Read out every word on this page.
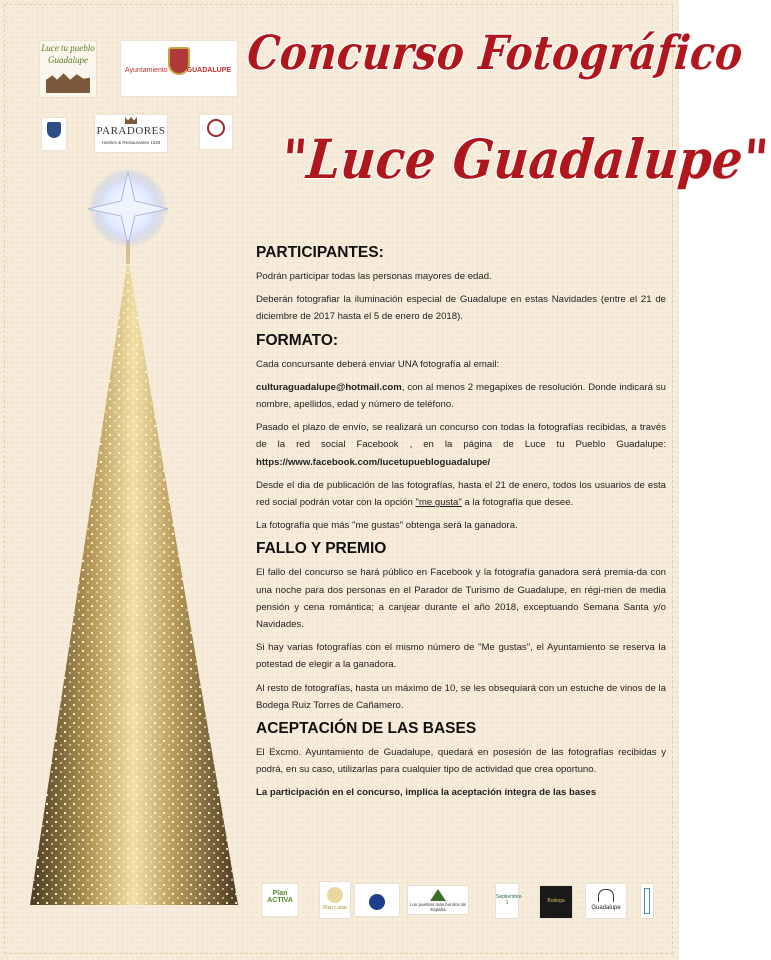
Luce tu pueblo
Guadalupe
Ayuntamiento	GUADALUPE
PARADORES
Hoteles & Restaurantes 1928
Concurso Fotográfico
"Luce Guadalupe"
PARTICIPANTES:

Podrán participar todas las personas mayores de edad.

Deberán fotografiar la iluminación especial de Guadalupe en estas Navidades (entre el 21 de diciembre de 2017 hasta el 5 de enero de 2018).

FORMATO:

Cada concursante deberá enviar UNA fotografía al email:

culturaguadalupe@hotmail.com, con al menos 2 megapixes de resolución. Donde indicará su nombre, apellidos, edad y número de teléfono.

Pasado el plazo de envío, se realizará un concurso con todas la fotografías recibidas, a través de la red social Facebook , en la página de Luce tu Pueblo Guadalupe: https://www.facebook.com/lucetupuebloguadalupe/

Desde el dia de publicación de las fotografías, hasta el 21 de enero, todos los usuarios de esta red social podrán votar con la opción "me gusta" a la fotografía que desee.

La fotografía que más "me gustas" obtenga será la ganadora.

FALLO Y PREMIO

El fallo del concurso se hará público en Facebook y la fotografía ganadora será premia-da con una noche para dos personas en el Parador de Turismo de Guadalupe, en régi-men de media pensión y cena romántica; a canjear durante el año 2018, exceptuando Semana Santa y/o Navidades.

Si hay varias fotografías con el mismo número de "Me gustas", el Ayuntamiento se reserva la potestad de elegir a la ganadora.

Al resto de fotografías, hasta un máximo de 10, se les obsequiará con un estuche de vinos de la Bodega Ruiz Torres de Cañamero.

ACEPTACIÓN DE LAS BASES

El Excmo. Ayuntamiento de Guadalupe, quedará en posesión de las fotografías recibidas y podrá, en su caso, utilizarlas para cualquier tipo de actividad que crea oportuno.

La participación en el concurso, implica la aceptación íntegra de las bases

Plan ACTIVA
Plan Lunar
Los pueblos más bonitos de España
Septiembre 1	Bodega
Guadalupe
